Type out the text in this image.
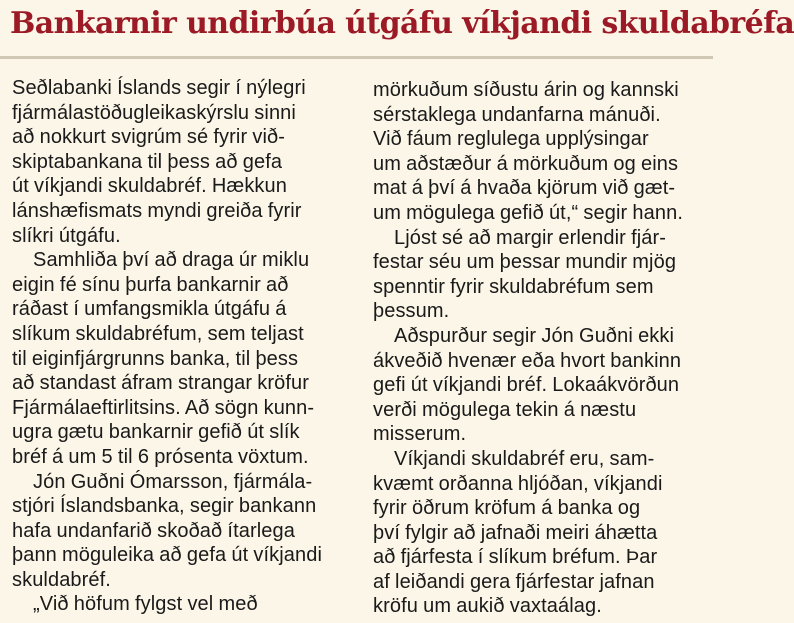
Bankarnir undirbúa útgáfu víkjandi skuldabréfa
Seðlabanki Íslands segir í nýlegri
fjármálastöðugleikaskýrslu sinni
að nokkurt svigrúm sé fyrir við-
skiptabankana til þess að gefa
út víkjandi skuldabréf. Hækkun
lánshæfismats myndi greiða fyrir
slíkri útgáfu.
Samhliða því að draga úr miklu
eigin fé sínu þurfa bankarnir að
ráðast í umfangsmikla útgáfu á
slíkum skuldabréfum, sem teljast
til eiginfjárgrunns banka, til þess
að standast áfram strangar kröfur
Fjármálaeftirlitsins. Að sögn kunn-
ugra gætu bankarnir gefið út slík
bréf á um 5 til 6 prósenta vöxtum.
Jón Guðni Ómarsson, fjármála-
stjóri Íslandsbanka, segir bankann
hafa undanfarið skoðað ítarlega
þann möguleika að gefa út víkjandi
skuldabréf.
„Við höfum fylgst vel með
mörkuðum síðustu árin og kannski
sérstaklega undanfarna mánuði.
Við fáum reglulega upplýsingar
um aðstæður á mörkuðum og eins
mat á því á hvaða kjörum við gæt-
um mögulega gefið út,“ segir hann.
Ljóst sé að margir erlendir fjár-
festar séu um þessar mundir mjög
spenntir fyrir skuldabréfum sem
þessum.
Aðspurður segir Jón Guðni ekki
ákveðið hvenær eða hvort bankinn
gefi út víkjandi bréf. Lokaákvörðun
verði mögulega tekin á næstu
misserum.
Víkjandi skuldabréf eru, sam-
kvæmt orðanna hljóðan, víkjandi
fyrir öðrum kröfum á banka og
því fylgir að jafnaði meiri áhætta
að fjárfesta í slíkum bréfum. Þar
af leiðandi gera fjárfestar jafnan
kröfu um aukið vaxtaálag.
